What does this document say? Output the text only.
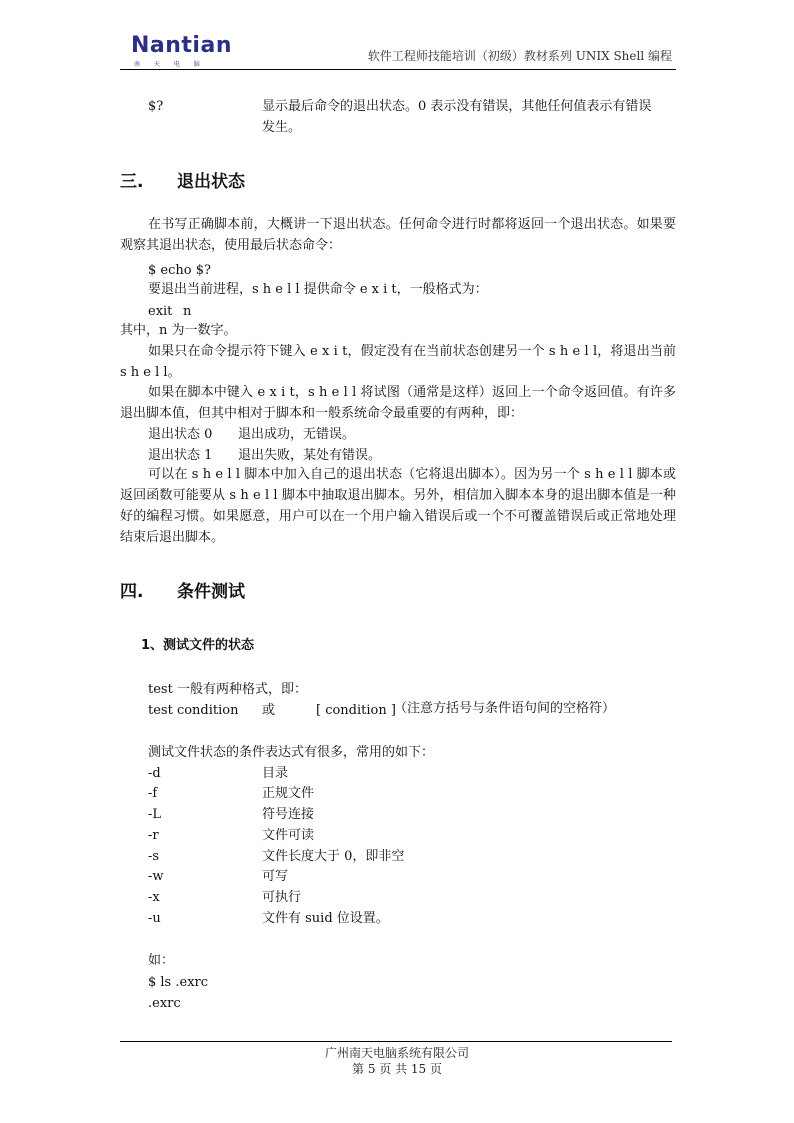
Nantian
南 天 电 脑
软件工程师技能培训（初级）教材系列 UNIX Shell 编程
$?	显示最后命令的退出状态。0 表示没有错误，其他任何值表示有错误
发生。
三. 退出状态
在书写正确脚本前，大概讲一下退出状态。任何命令进行时都将返回一个退出状态。如果要观察其退出状态，使用最后状态命令：
$ echo $?
要退出当前进程，s h e l l 提供命令 e x i t，一般格式为：
exit n
其中，n 为一数字。
如果只在命令提示符下键入 e x i t，假定没有在当前状态创建另一个 s h e l l，将退出当前 s h e l l。
如果在脚本中键入 e x i t，s h e l l 将试图（通常是这样）返回上一个命令返回值。有许多退出脚本值，但其中相对于脚本和一般系统命令最重要的有两种，即：
退出状态 0 退出成功，无错误。
退出状态 1 退出失败，某处有错误。
可以在 s h e l l 脚本中加入自己的退出状态（它将退出脚本）。因为另一个 s h e l l 脚本或返回函数可能要从 s h e l l 脚本中抽取退出脚本。另外，相信加入脚本本身的退出脚本值是一种好的编程习惯。如果愿意，用户可以在一个用户输入错误后或一个不可覆盖错误后或正常地处理结束后退出脚本。
四. 条件测试
1、测试文件的状态
test 一般有两种格式，即：
test condition 或	[ condition ]
（注意方括号与条件语句间的空格符）
测试文件状态的条件表达式有很多，常用的如下：
-d	目录
-f	正规文件
-L	符号连接
-r	文件可读
-s	文件长度大于 0，即非空
-w	可写
-x	可执行
-u	文件有 suid 位设置。
如：
$ ls .exrc
.exrc
广州南天电脑系统有限公司
第 5 页 共 15 页
